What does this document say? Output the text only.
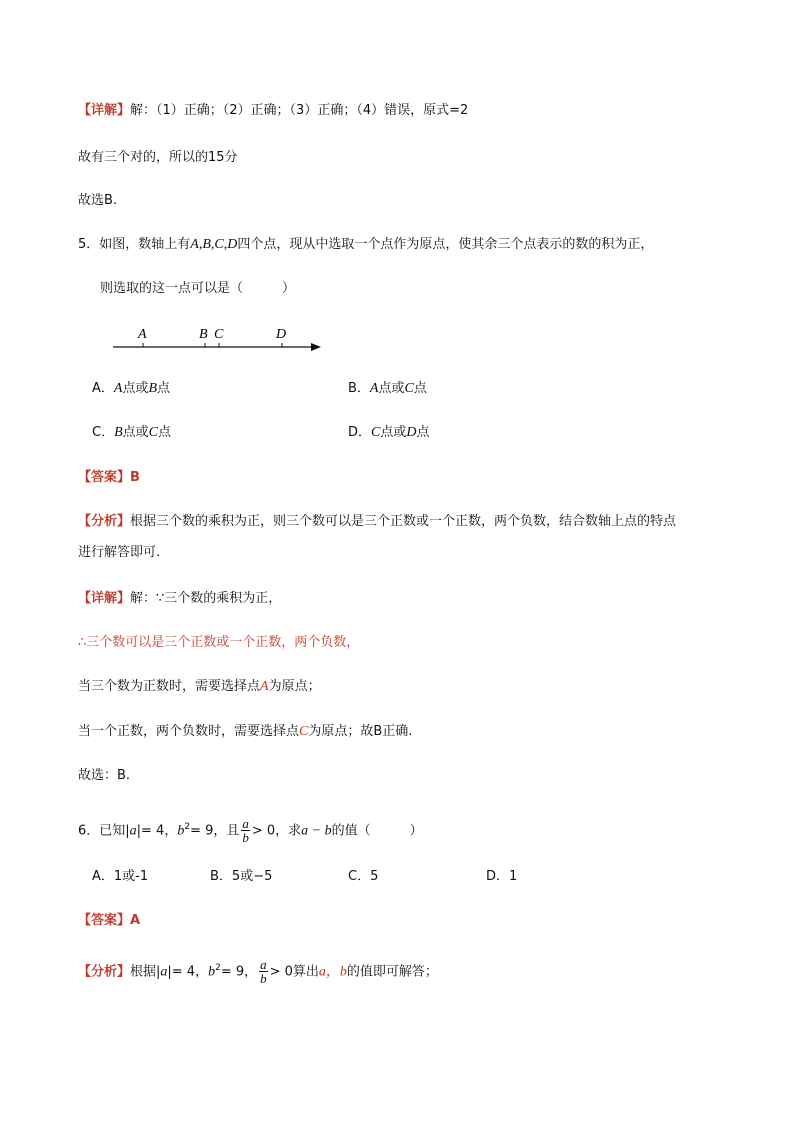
【详解】解：（1）正确；（2）正确；（3）正确；（4）错误，原式=2
故有三个对的，所以的15分
故选B.
5．如图，数轴上有A,B,C,D四个点，现从中选取一个点作为原点，使其余三个点表示的数的积为正，
则选取的这一点可以是（　　　）
A	B C	D
A．A点或B点	B．A点或C点
C．B点或C点	D．C点或D点
【答案】B
【分析】根据三个数的乘积为正，则三个数可以是三个正数或一个正数，两个负数，结合数轴上点的特点
进行解答即可.
【详解】解：∵三个数的乘积为正，
∴三个数可以是三个正数或一个正数，两个负数，
当三个数为正数时，需要选择点A为原点；
当一个正数，两个负数时，需要选择点C为原点；故B正确.
故选：B.
6．已知|a|= 4，$b^2= 9$，且 $\frac{a}{b} > 0$，求a − b的值（　　　）
A．1或-1	B．5或−5	C．5	D．1
【答案】A
【分析】根据|a|= 4，$b^2= 9$， $\frac{a}{b} > 0$算出a，b的值即可解答；
